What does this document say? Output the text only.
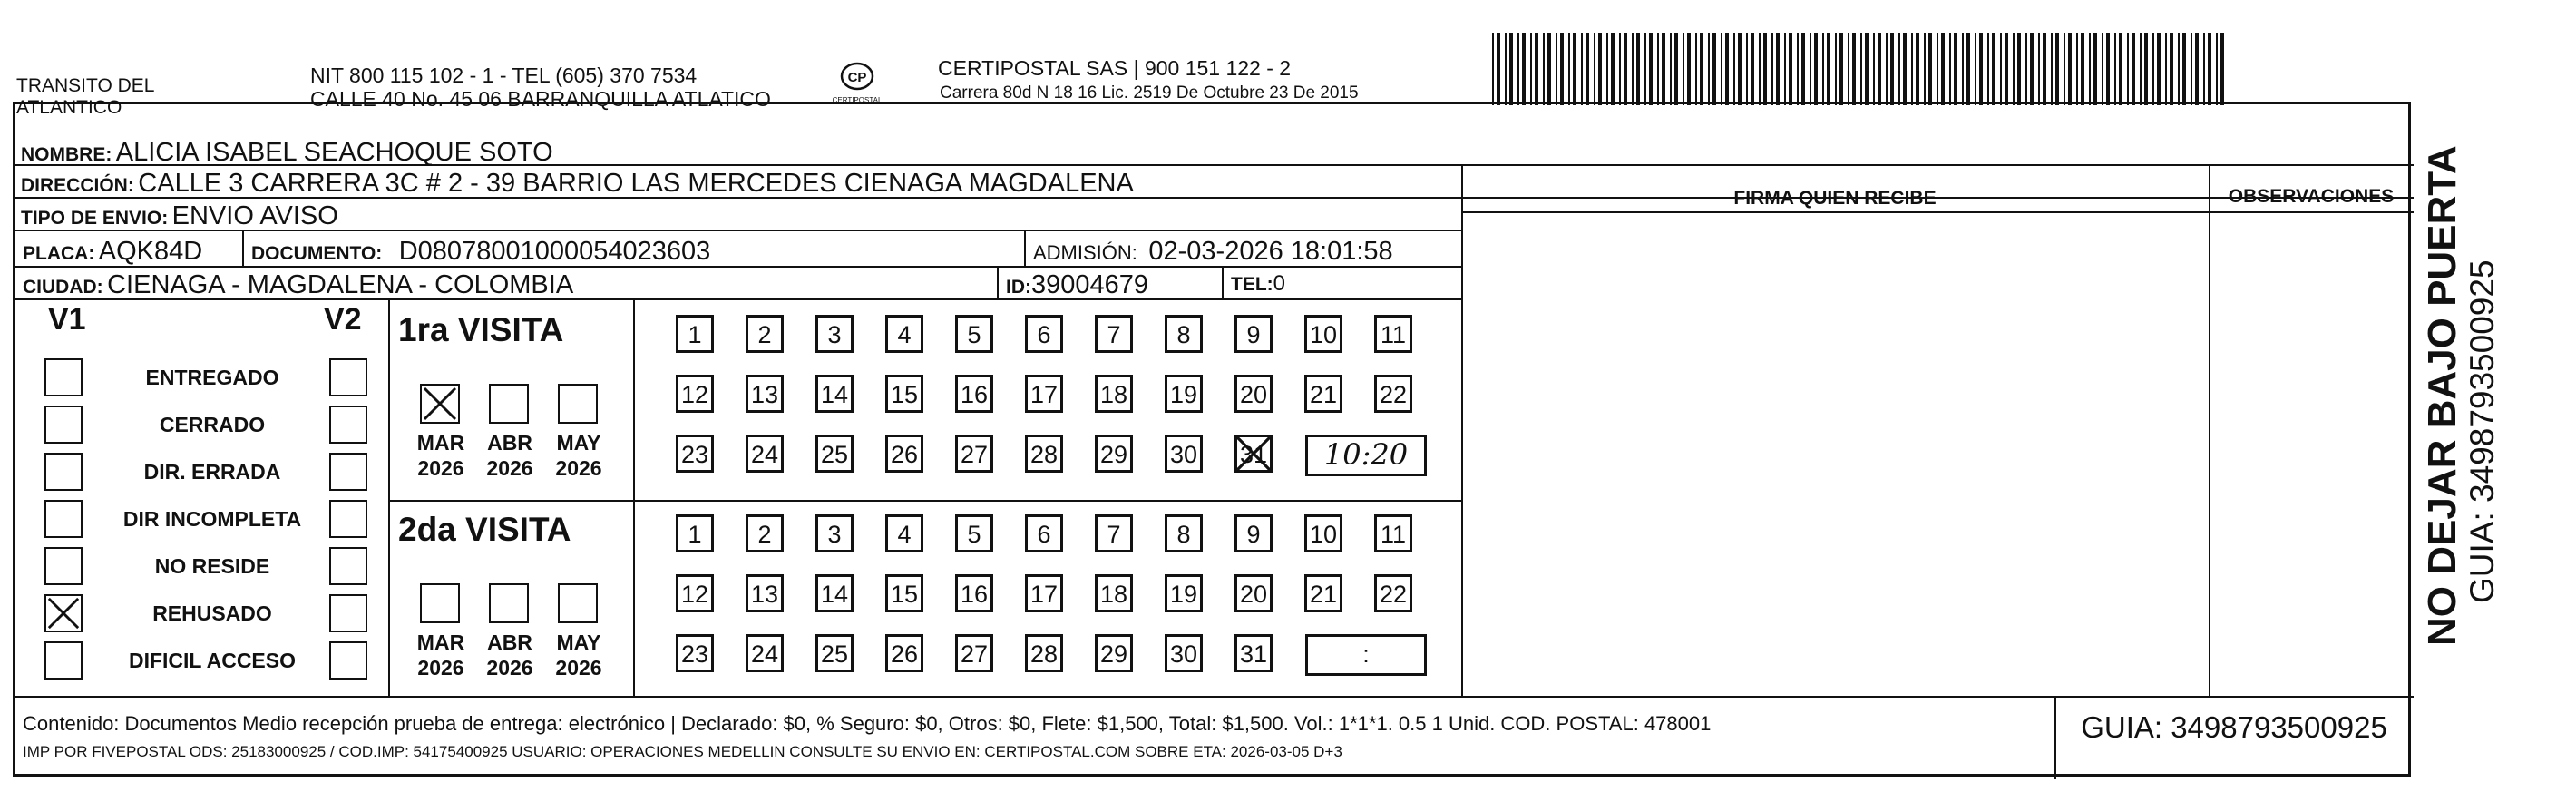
TRANSITO DEL
ATLANTICO
NIT 800 115 102 - 1 - TEL (605) 370 7534
CALLE 40 No. 45 06 BARRANQUILLA ATLATICO
CP
CERTIPOSTAL
CERTIPOSTAL SAS | 900 151 122 - 2
Carrera 80d N 18 16 Lic. 2519 De Octubre 23 De 2015
NOMBRE: ALICIA ISABEL SEACHOQUE SOTO
DIRECCIÓN: CALLE 3 CARRERA 3C # 2 - 39 BARRIO LAS MERCEDES CIENAGA MAGDALENA
TIPO DE ENVIO: ENVIO AVISO
PLACA: AQK84D	DOCUMENTO: D08078001000054023603	ADMISIÓN: 02-03-2026 18:01:58
CIUDAD: CIENAGA - MAGDALENA - COLOMBIA	ID:39004679	TEL:0
FIRMA QUIEN RECIBE	OBSERVACIONES
V1	V2
ENTREGADO
CERRADO
DIR. ERRADA
DIR INCOMPLETA
NO RESIDE
REHUSADO
DIFICIL ACCESO
1ra VISITA
MAR
2026
ABR
2026
MAY
2026
1	2	3	4	5	6	7	8	9	10 11
12 13 14 15 16 17 18 19 20 21 22
23 24 25 26 27 28 29 30 31	10:20
2da VISITA
MAR
2026
ABR
2026
MAY
2026
1	2	3	4	5	6	7	8	9	10 11
12 13 14 15 16 17 18 19 20 21 22
23 24 25 26 27 28 29 30 31	:
Contenido: Documentos Medio recepción prueba de entrega: electrónico | Declarado: $0, % Seguro: $0, Otros: $0, Flete: $1,500, Total: $1,500. Vol.: 1*1*1. 0.5 1 Unid. COD. POSTAL: 478001
IMP POR FIVEPOSTAL ODS: 25183000925 / COD.IMP: 54175400925 USUARIO: OPERACIONES MEDELLIN CONSULTE SU ENVIO EN: CERTIPOSTAL.COM SOBRE ETA: 2026-03-05 D+3
GUIA: 3498793500925
NO DEJAR BAJO PUERTA GUIA: 3498793500925
